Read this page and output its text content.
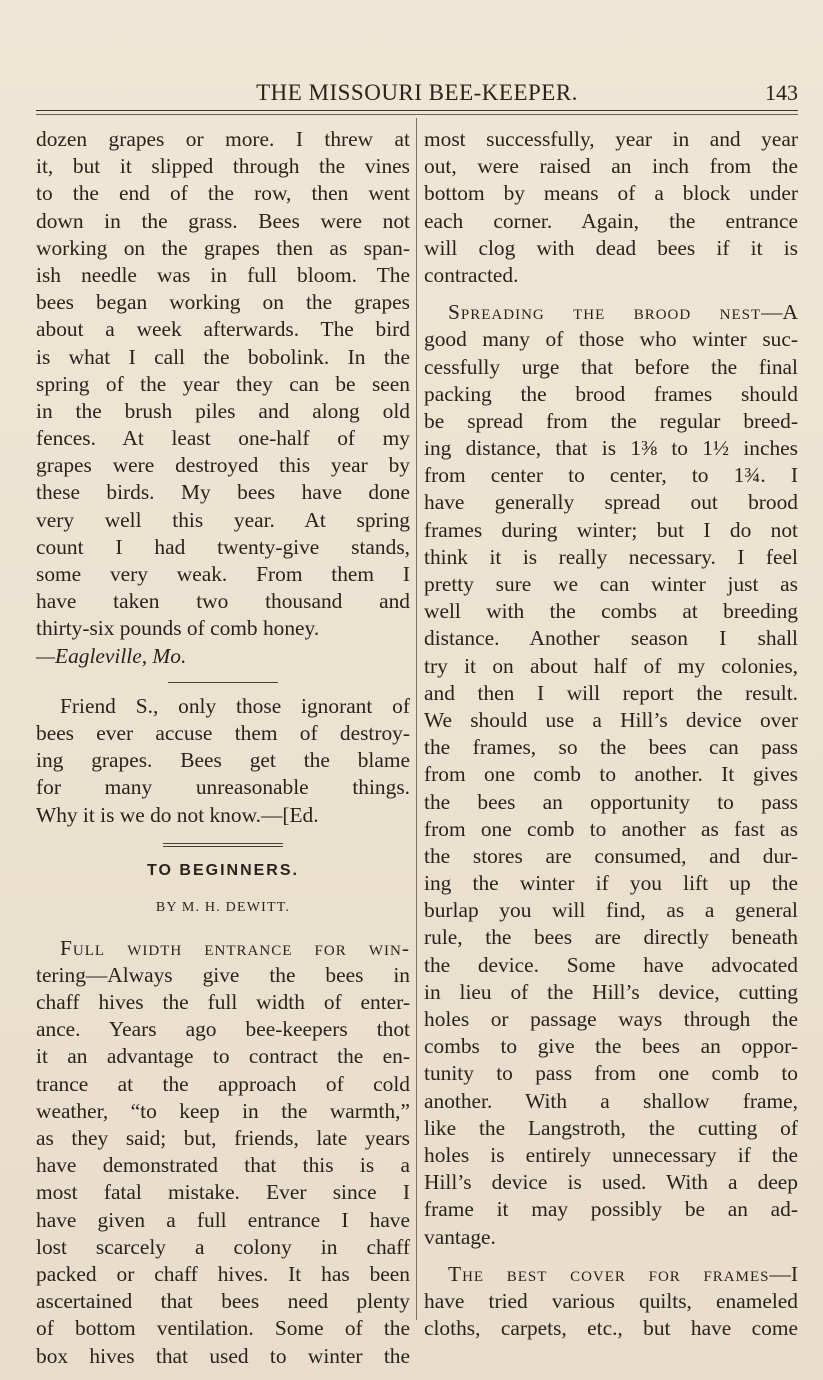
THE MISSOURI BEE-KEEPER.	143
dozen grapes or more. I threw at
it, but it slipped through the vines
to the end of the row, then went
down in the grass. Bees were not
working on the grapes then as span-
ish needle was in full bloom. The
bees began working on the grapes
about a week afterwards. The bird
is what I call the bobolink. In the
spring of the year they can be seen
in the brush piles and along old
fences. At least one-half of my
grapes were destroyed this year by
these birds. My bees have done
very well this year. At spring
count I had twenty-give stands,
some very weak. From them I
have taken two thousand and
thirty-six pounds of comb honey.
—Eagleville, Mo.
Friend S., only those ignorant of
bees ever accuse them of destroy-
ing grapes. Bees get the blame
for many unreasonable things.
Why it is we do not know.—[Ed.
TO BEGINNERS.
BY M. H. DEWITT.
Full width entrance for win-
tering—Always give the bees in
chaff hives the full width of enter-
ance. Years ago bee-keepers thot
it an advantage to contract the en-
trance at the approach of cold
weather, “to keep in the warmth,”
as they said; but, friends, late years
have demonstrated that this is a
most fatal mistake. Ever since I
have given a full entrance I have
lost scarcely a colony in chaff
packed or chaff hives. It has been
ascertained that bees need plenty
of bottom ventilation. Some of the
box hives that used to winter the
most successfully, year in and year
out, were raised an inch from the
bottom by means of a block under
each corner. Again, the entrance
will clog with dead bees if it is
contracted.
Spreading the brood nest—A
good many of those who winter suc-
cessfully urge that before the final
packing the brood frames should
be spread from the regular breed-
ing distance, that is 1⅜ to 1½ inches
from center to center, to 1¾. I
have generally spread out brood
frames during winter; but I do not
think it is really necessary. I feel
pretty sure we can winter just as
well with the combs at breeding
distance. Another season I shall
try it on about half of my colonies,
and then I will report the result.
We should use a Hill’s device over
the frames, so the bees can pass
from one comb to another. It gives
the bees an opportunity to pass
from one comb to another as fast as
the stores are consumed, and dur-
ing the winter if you lift up the
burlap you will find, as a general
rule, the bees are directly beneath
the device. Some have advocated
in lieu of the Hill’s device, cutting
holes or passage ways through the
combs to give the bees an oppor-
tunity to pass from one comb to
another. With a shallow frame,
like the Langstroth, the cutting of
holes is entirely unnecessary if the
Hill’s device is used. With a deep
frame it may possibly be an ad-
vantage.
The best cover for frames—I
have tried various quilts, enameled
cloths, carpets, etc., but have come
